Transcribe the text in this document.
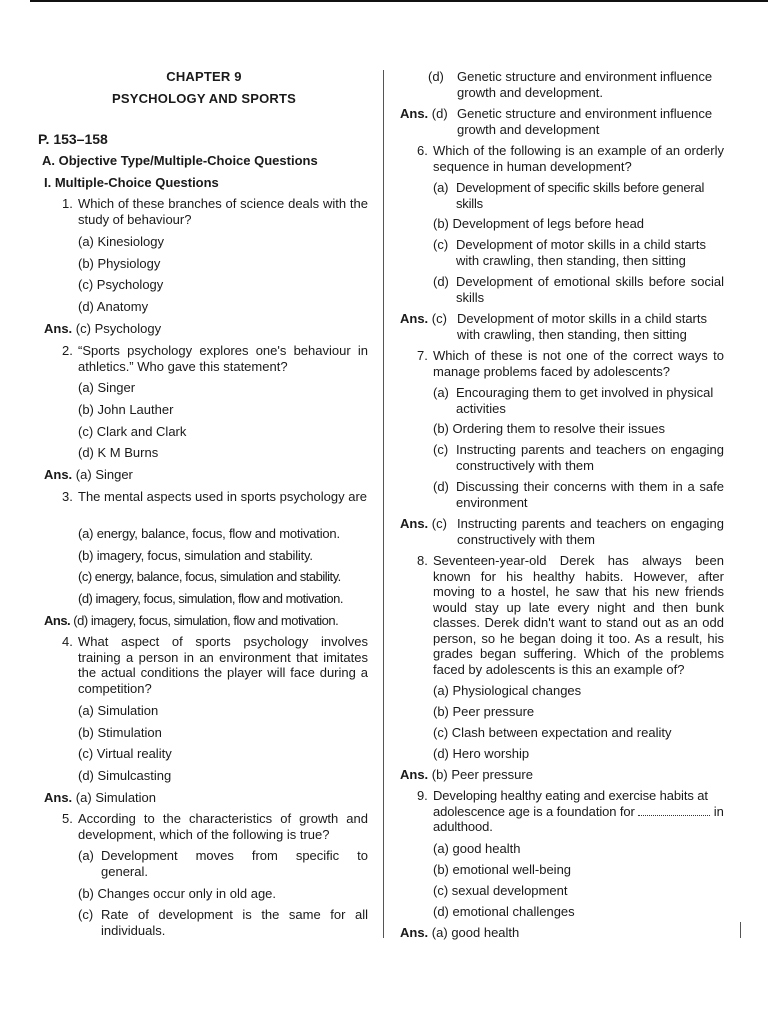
CHAPTER 9
PSYCHOLOGY AND SPORTS
P. 153–158
A. Objective Type/Multiple-Choice Questions
I. Multiple-Choice Questions
1. Which of these branches of science deals with the study of behaviour?
(a) Kinesiology
(b) Physiology
(c) Psychology
(d) Anatomy
Ans. (c) Psychology
2. “Sports psychology explores one's behaviour in athletics.” Who gave this statement?
(a) Singer
(b) John Lauther
(c) Clark and Clark
(d) K M Burns
Ans. (a) Singer
3. The mental aspects used in sports psychology are
(a) energy, balance, focus, flow and motivation.
(b) imagery, focus, simulation and stability.
(c) energy, balance, focus, simulation and stability.
(d) imagery, focus, simulation, flow and motivation.
Ans. (d) imagery, focus, simulation, flow and motivation.
4. What aspect of sports psychology involves training a person in an environment that imitates the actual conditions the player will face during a competition?
(a) Simulation
(b) Stimulation
(c) Virtual reality
(d) Simulcasting
Ans. (a) Simulation
5. According to the characteristics of growth and development, which of the following is true?
(a) Development moves from specific to general.
(b) Changes occur only in old age.
(c) Rate of development is the same for all individuals.
(d)	Genetic structure and environment influence growth and development.
Ans. (d) Genetic structure and environment influence growth and development
6. Which of the following is an example of an orderly sequence in human development?
(a) Development of specific skills before general skills
(b) Development of legs before head
(c) Development of motor skills in a child starts with crawling, then standing, then sitting
(d) Development of emotional skills before social skills
Ans. (c) Development of motor skills in a child starts with crawling, then standing, then sitting
7. Which of these is not one of the correct ways to manage problems faced by adolescents?
(a) Encouraging them to get involved in physical activities
(b) Ordering them to resolve their issues
(c) Instructing parents and teachers on engaging constructively with them
(d) Discussing their concerns with them in a safe environment
Ans. (c) Instructing parents and teachers on engaging constructively with them
8. Seventeen-year-old Derek has always been known for his healthy habits. However, after moving to a hostel, he saw that his new friends would stay up late every night and then bunk classes. Derek didn't want to stand out as an odd person, so he began doing it too. As a result, his grades began suffering. Which of the problems faced by adolescents is this an example of?
(a) Physiological changes
(b) Peer pressure
(c) Clash between expectation and reality
(d) Hero worship
Ans. (b) Peer pressure
9. Developing healthy eating and exercise habits at adolescence age is a foundation for	in adulthood.
(a) good health
(b) emotional well-being
(c) sexual development
(d) emotional challenges
Ans. (a) good health
